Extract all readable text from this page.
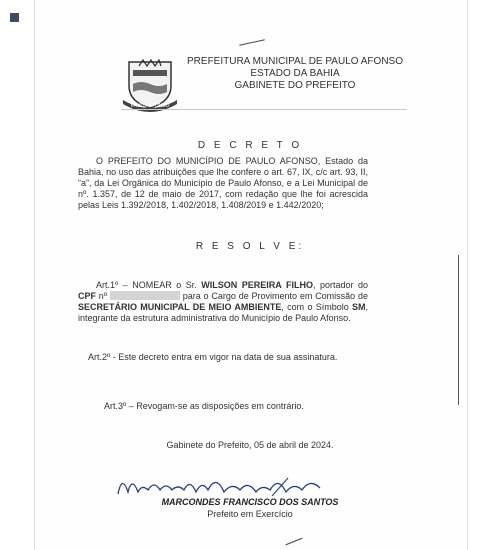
PAULO AFONSO
PREFEITURA MUNICIPAL DE PAULO AFONSO
ESTADO DA BAHIA
GABINETE DO PREFEITO
D E C R E T O
O PREFEITO DO MUNICÍPIO DE PAULO AFONSO, Estado da Bahia, no uso das atribuições que lhe confere o art. 67, IX, c/c art. 93, II, “a”, da Lei Orgânica do Município de Paulo Afonso, e a Lei Municipal de nº. 1.357, de 12 de maio de 2017, com redação que lhe foi acrescida pelas Leis 1.392/2018, 1.402/2018, 1.408/2019 e 1.442/2020;
R E S O L V E:
Art.1º – NOMEAR o Sr. WILSON PEREIRA FILHO, portador do CPF nº	para o Cargo de Provimento em Comissão de SECRETÁRIO MUNICIPAL DE MEIO AMBIENTE, com o Símbolo SM, integrante da estrutura administrativa do Município de Paulo Afonso.
Art.2º - Este decreto entra em vigor na data de sua assinatura.
Art.3º – Revogam-se as disposições em contrário.
Gabinete do Prefeito, 05 de abril de 2024.
MARCONDES FRANCISCO DOS SANTOS
Prefeito em Exercício
